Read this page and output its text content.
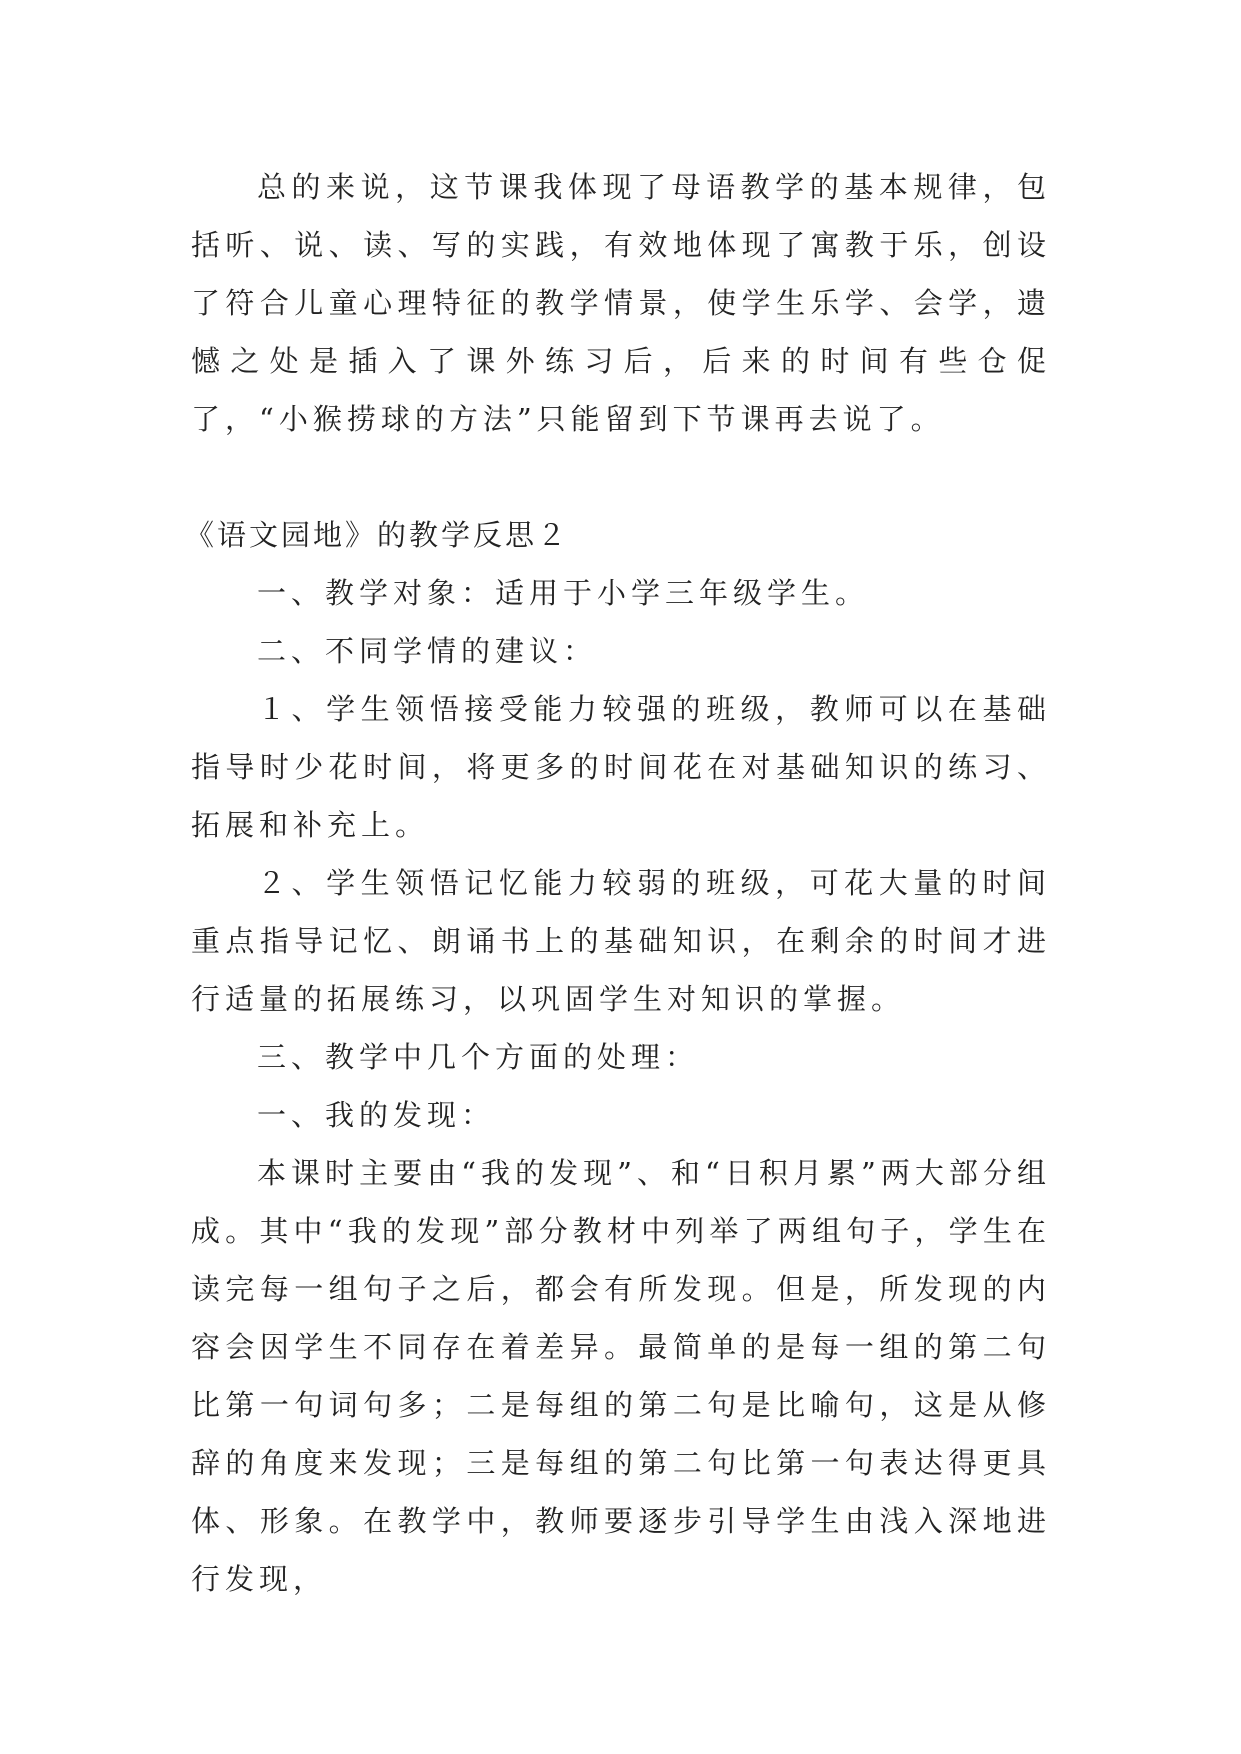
总的来说，这节课我体现了母语教学的基本规律，包括听、说、读、写的实践，有效地体现了寓教于乐，创设了符合儿童心理特征的教学情景，使学生乐学、会学，遗憾之处是插入了课外练习后，后来的时间有些仓促了，“小猴捞球的方法”只能留到下节课再去说了。

《语文园地》的教学反思２

一、教学对象：适用于小学三年级学生。

二、不同学情的建议：

１、学生领悟接受能力较强的班级，教师可以在基础指导时少花时间，将更多的时间花在对基础知识的练习、拓展和补充上。

２、学生领悟记忆能力较弱的班级，可花大量的时间重点指导记忆、朗诵书上的基础知识，在剩余的时间才进行适量的拓展练习，以巩固学生对知识的掌握。

三、教学中几个方面的处理：

一、我的发现：

本课时主要由“我的发现”、和“日积月累”两大部分组成。其中“我的发现”部分教材中列举了两组句子，学生在读完每一组句子之后，都会有所发现。但是，所发现的内容会因学生不同存在着差异。最简单的是每一组的第二句比第一句词句多；二是每组的第二句是比喻句，这是从修辞的角度来发现；三是每组的第二句比第一句表达得更具体、形象。在教学中，教师要逐步引导学生由浅入深地进行发现，
